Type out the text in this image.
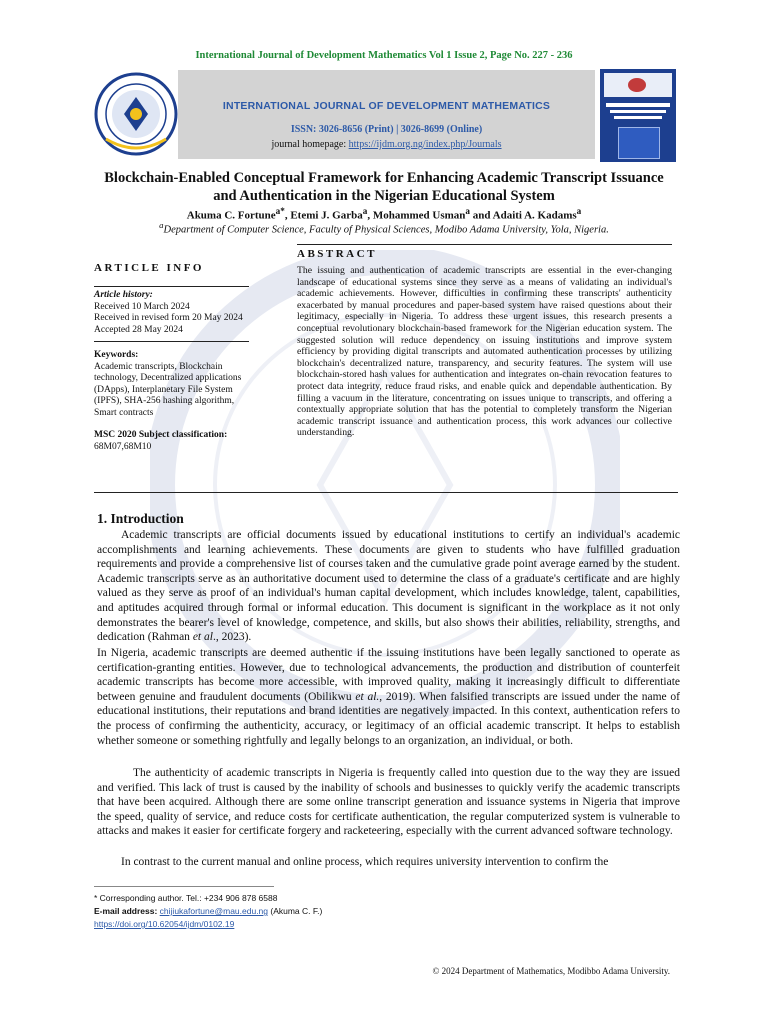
International Journal of Development Mathematics Vol 1 Issue 2, Page No. 227 - 236
INTERNATIONAL JOURNAL OF DEVELOPMENT MATHEMATICS
ISSN: 3026-8656 (Print) | 3026-8699 (Online)
journal homepage: https://ijdm.org.ng/index.php/Journals
Blockchain-Enabled Conceptual Framework for Enhancing Academic Transcript Issuance
and Authentication in the Nigerian Educational System
Akuma C. Fortune$^{a*}$, Etemi J. Garba$^a$, Mohammed Usman$^a$ and Adaiti A. Kadams$^a$
$^a$Department of Computer Science, Faculty of Physical Sciences, Modibo Adama University, Yola, Nigeria.
ABSTRACT
ARTICLE INFO
Article history:
Received 10 March 2024
Received in revised form 20 May 2024
Accepted 28 May 2024
Keywords:
Academic transcripts, Blockchain technology, Decentralized applications (DApps), Interplanetary File System (IPFS), SHA-256 hashing algorithm, Smart contracts
MSC 2020 Subject classification:
68M07,68M10
The issuing and authentication of academic transcripts are essential in the ever-changing landscape of educational systems since they serve as a means of validating an individual's academic achievements. However, difficulties in confirming these transcripts' authenticity exacerbated by manual procedures and paper-based system have raised questions about their legitimacy, especially in Nigeria. To address these urgent issues, this research presents a conceptual revolutionary blockchain-based framework for the Nigerian education system. The suggested solution will reduce dependency on issuing institutions and improve system efficiency by providing digital transcripts and automated authentication processes by utilizing blockchain's decentralized nature, transparency, and security features. The system will use blockchain-stored hash values for authentication and integrates on-chain revocation features to protect data integrity, reduce fraud risks, and enable quick and dependable authentication. By filling a vacuum in the literature, concentrating on issues unique to transcripts, and offering a contextually appropriate solution that has the potential to completely transform the Nigerian academic transcript issuance and authentication process, this work advances our collective understanding.
1. Introduction
Academic transcripts are official documents issued by educational institutions to certify an individual's academic accomplishments and learning achievements. These documents are given to students who have fulfilled graduation requirements and provide a comprehensive list of courses taken and the cumulative grade point average earned by the student. Academic transcripts serve as an authoritative document used to determine the class of a graduate's certificate and are highly valued as they serve as proof of an individual's human capital development, which includes knowledge, talent, capabilities, and aptitudes acquired through formal or informal education. This document is significant in the workplace as it not only demonstrates the bearer's level of knowledge, competence, and skills, but also shows their abilities, reliability, strengths, and dedication (Rahman et al., 2023).
In Nigeria, academic transcripts are deemed authentic if the issuing institutions have been legally sanctioned to operate as certification-granting entities. However, due to technological advancements, the production and distribution of counterfeit academic transcripts has become more accessible, with improved quality, making it increasingly difficult to differentiate between genuine and fraudulent documents (Obilikwu et al., 2019). When falsified transcripts are issued under the name of educational institutions, their reputations and brand identities are negatively impacted. In this context, authentication refers to the process of confirming the authenticity, accuracy, or legitimacy of an official academic transcript. It helps to establish whether someone or something rightfully and legally belongs to an organization, an individual, or both.
The authenticity of academic transcripts in Nigeria is frequently called into question due to the way they are issued and verified. This lack of trust is caused by the inability of schools and businesses to quickly verify the academic transcripts that have been acquired. Although there are some online transcript generation and issuance systems in Nigeria that improve the speed, quality of service, and reduce costs for certificate authentication, the regular computerized system is vulnerable to attacks and makes it easier for certificate forgery and racketeering, especially with the current advanced software technology.
In contrast to the current manual and online process, which requires university intervention to confirm the
* Corresponding author. Tel.: +234 906 878 6588
E-mail address: chijiukafortune@mau.edu.ng (Akuma C. F.)
https://doi.org/10.62054/ijdm/0102.19
© 2024 Department of Mathematics, Modibbo Adama University.
